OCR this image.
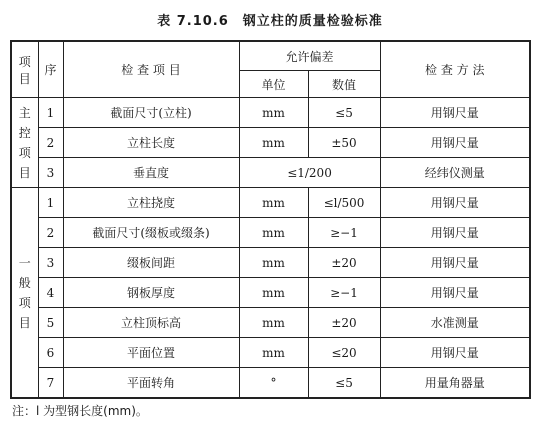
表 7.10.6　钢立柱的质量检验标准
项　目	序	检 查 项 目	允许偏差		检 查 方 法
			单位	数值	

主
控
项
目	1	截面尺寸(立柱)	mm	≤5	用钢尺量
	2	立柱长度	mm	±50	用钢尺量
	3	垂直度	≤1/200		经纬仪测量

一
般
项
目	1	立柱挠度	mm	≤l/500	用钢尺量
	2	截面尺寸(缀板或缀条)	mm	≥−1	用钢尺量
	3	缀板间距	mm	±20	用钢尺量
	4	钢板厚度	mm	≥−1	用钢尺量
	5	立柱顶标高	mm	±20	水准测量
	6	平面位置	mm	≤20	用钢尺量
	7	平面转角	°	≤5	用量角器量
注：l 为型钢长度(mm)。
